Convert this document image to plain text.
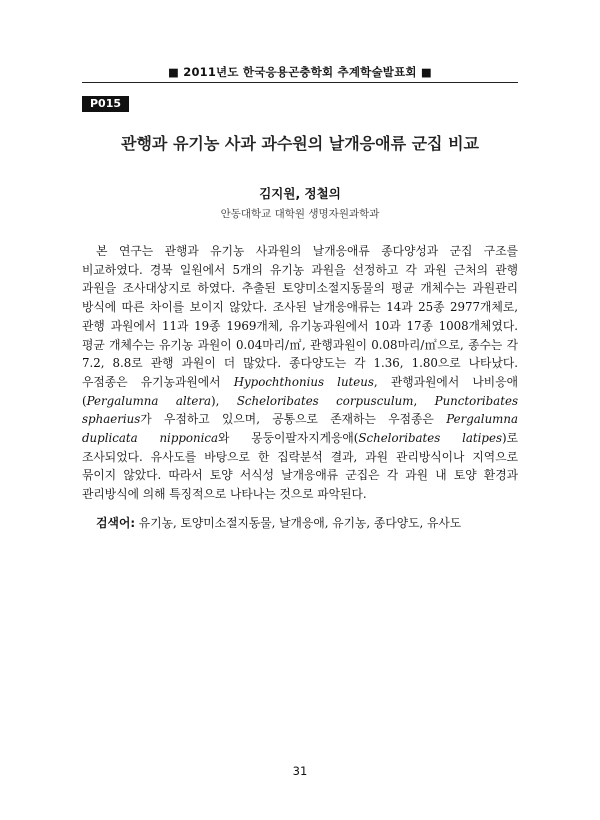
■ 2011년도 한국응용곤충학회 추계학술발표회 ■
P015
관행과 유기농 사과 과수원의 날개응애류 군집 비교
김지원, 정철의
안동대학교 대학원 생명자원과학과

본 연구는 관행과 유기농 사과원의 날개응애류 종다양성과 군집 구조를 비교하였다. 경북 일원에서 5개의 유기농 과원을 선정하고 각 과원 근처의 관행 과원을 조사대상지로 하였다. 추출된 토양미소절지동물의 평균 개체수는 과원관리 방식에 따른 차이를 보이지 않았다. 조사된 날개응애류는 14과 25종 2977개체로, 관행 과원에서 11과 19종 1969개체, 유기농과원에서 10과 17종 1008개체였다. 평균 개체수는 유기농 과원이 0.04마리/㎡, 관행과원이 0.08마리/㎡으로, 종수는 각 7.2, 8.8로 관행 과원이 더 많았다. 종다양도는 각 1.36, 1.80으로 나타났다. 우점종은 유기농과원에서 Hypochthonius luteus, 관행과원에서 나비응애(Pergalumna altera), Scheloribates corpusculum, Punctoribates sphaerius가 우점하고 있으며, 공통으로 존재하는 우점종은 Pergalumna duplicata nipponica와 몽둥이팔자지게응애(Scheloribates latipes)로 조사되었다. 유사도를 바탕으로 한 집락분석 결과, 과원 관리방식이나 지역으로 묶이지 않았다. 따라서 토양 서식성 날개응애류 군집은 각 과원 내 토양 환경과 관리방식에 의해 특징적으로 나타나는 것으로 파악된다.

검색어: 유기농, 토양미소절지동물, 날개응애, 유기농, 종다양도, 유사도

31
